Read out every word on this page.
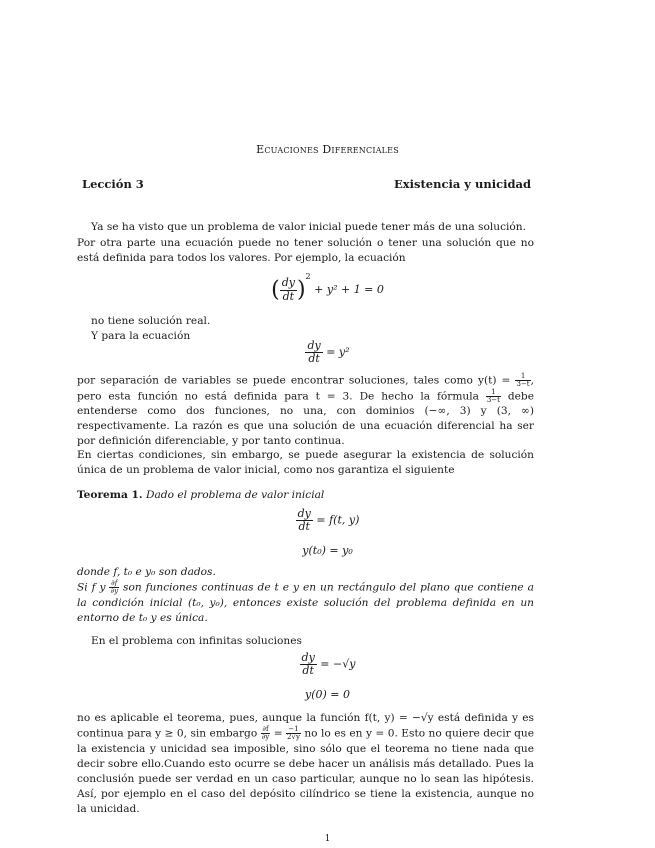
Ecuaciones Diferenciales
Lección 3	Existencia y unicidad
Ya se ha visto que un problema de valor inicial puede tener más de una solución.
Por otra parte una ecuación puede no tener solución o tener una solución que no está definida para todos los valores. Por ejemplo, la ecuación
( $\frac{dy}{dt} )^2 + y^2 + 1 = 0$
no tiene solución real.
Y para la ecuación
$\frac{dy}{dt} = y^2$
por separación de variables se puede encontrar soluciones, tales como $y(t) = \frac{1}{3-t}$ , pero esta función no está definida para t = 3. De hecho la fórmula $\frac{1}{3-t}$ debe entenderse como dos funciones, no una, con dominios (−∞, 3) y (3, ∞) respectivamente. La razón es que una solución de una ecuación diferencial ha ser por definición diferenciable, y por tanto continua.
En ciertas condiciones, sin embargo, se puede asegurar la existencia de solución única de un problema de valor inicial, como nos garantiza el siguiente
Teorema 1. Dado el problema de valor inicial
$\frac{dy}{dt} = f(t$, y)
y(t₀) = y₀
donde f, t₀ e y₀ son dados.
Si f y $\frac{\partial f}{\partial y}$ son funciones continuas de t e y en un rectángulo del plano que contiene a la condición inicial (t₀, y₀), entonces existe solución del problema definida en un entorno de t₀ y es única.
En el problema con infinitas soluciones
$\frac{dy}{dt} = -√y$
y(0) = 0
no es aplicable el teorema, pues, aunque la función f(t, y) = −√y está definida y es continua para y ≥ 0, sin embargo $\frac{\partial f}{\partial y} = \frac{-1}{2√y}$ no lo es en y = 0. Esto no quiere decir que la existencia y unicidad sea imposible, sino sólo que el teorema no tiene nada que decir sobre ello.Cuando esto ocurre se debe hacer un análisis más detallado. Pues la conclusión puede ser verdad en un caso particular, aunque no lo sean las hipótesis. Así, por ejemplo en el caso del depósito cilíndrico se tiene la existencia, aunque no la unicidad.
1
